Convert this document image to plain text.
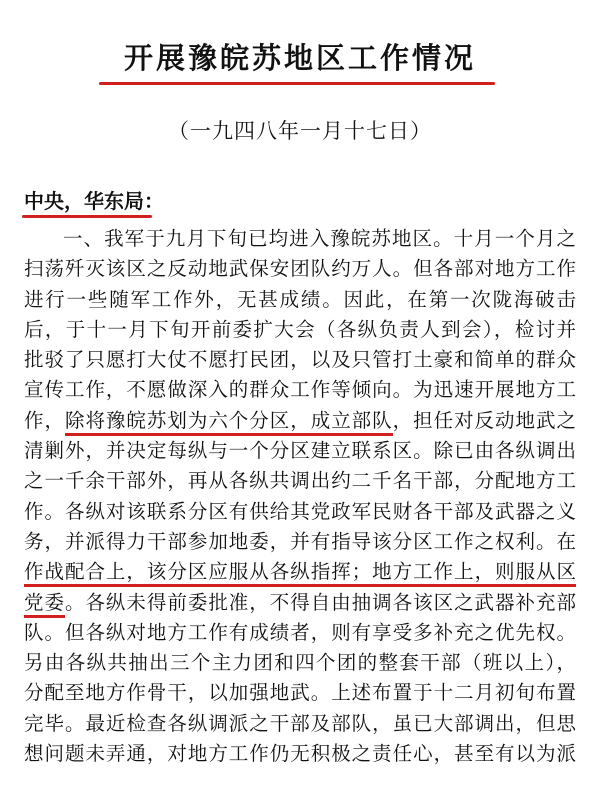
开展豫皖苏地区工作情况
（一九四八年一月十七日）
中央，华东局：
一、我军于九月下旬已均进入豫皖苏地区。十月一个月之
扫荡歼灭该区之反动地武保安团队约万人。但各部对地方工作
进行一些随军工作外，无甚成绩。因此，在第一次陇海破击
后，于十一月下旬开前委扩大会（各纵负责人到会），检讨并
批驳了只愿打大仗不愿打民团，以及只管打土豪和简单的群众
宣传工作，不愿做深入的群众工作等倾向。为迅速开展地方工
作，除将豫皖苏划为六个分区，成立部队，担任对反动地武之
清剿外，并决定每纵与一个分区建立联系区。除已由各纵调出
之一千余干部外，再从各纵共调出约二千名干部，分配地方工
作。各纵对该联系分区有供给其党政军民财各干部及武器之义
务，并派得力干部参加地委，并有指导该分区工作之权利。在
作战配合上，该分区应服从各纵指挥；地方工作上，则服从区
党委。各纵未得前委批准，不得自由抽调各该区之武器补充部
队。但各纵对地方工作有成绩者，则有享受多补充之优先权。
另由各纵共抽出三个主力团和四个团的整套干部（班以上），
分配至地方作骨干，以加强地武。上述布置于十二月初旬布置
完毕。最近检查各纵调派之干部及部队，虽已大部调出，但思
想问题未弄通，对地方工作仍无积极之责任心，甚至有以为派
